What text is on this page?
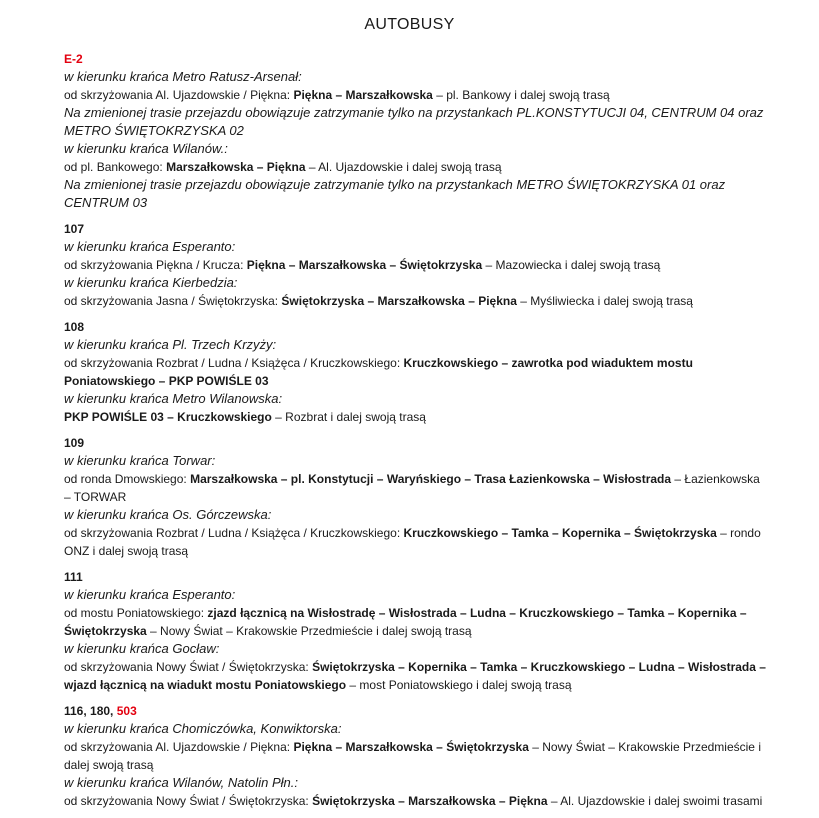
AUTOBUSY
E-2
w kierunku krańca Metro Ratusz-Arsenał:
od skrzyżowania Al. Ujazdowskie / Piękna: Piękna – Marszałkowska – pl. Bankowy i dalej swoją trasą
Na zmienionej trasie przejazdu obowiązuje zatrzymanie tylko na przystankach PL.KONSTYTUCJI 04, CENTRUM 04 oraz METRO ŚWIĘTOKRZYSKA 02
w kierunku krańca Wilanów.:
od pl. Bankowego: Marszałkowska – Piękna – Al. Ujazdowskie i dalej swoją trasą
Na zmienionej trasie przejazdu obowiązuje zatrzymanie tylko na przystankach METRO ŚWIĘTOKRZYSKA 01 oraz CENTRUM 03
107
w kierunku krańca Esperanto:
od skrzyżowania Piękna / Krucza: Piękna – Marszałkowska – Świętokrzyska – Mazowiecka i dalej swoją trasą
w kierunku krańca Kierbedzia:
od skrzyżowania Jasna / Świętokrzyska: Świętokrzyska – Marszałkowska – Piękna – Myśliwiecka i dalej swoją trasą
108
w kierunku krańca Pl. Trzech Krzyży:
od skrzyżowania Rozbrat / Ludna / Książęca / Kruczkowskiego: Kruczkowskiego – zawrotka pod wiaduktem mostu Poniatowskiego – PKP POWIŚLE 03
w kierunku krańca Metro Wilanowska:
PKP POWIŚLE 03 – Kruczkowskiego – Rozbrat i dalej swoją trasą
109
w kierunku krańca Torwar:
od ronda Dmowskiego: Marszałkowska – pl. Konstytucji – Waryńskiego – Trasa Łazienkowska – Wisłostrada – Łazienkowska – TORWAR
w kierunku krańca Os. Górczewska:
od skrzyżowania Rozbrat / Ludna / Książęca / Kruczkowskiego: Kruczkowskiego – Tamka – Kopernika – Świętokrzyska – rondo ONZ i dalej swoją trasą
111
w kierunku krańca Esperanto:
od mostu Poniatowskiego: zjazd łącznicą na Wisłostradę – Wisłostrada – Ludna – Kruczkowskiego – Tamka – Kopernika – Świętokrzyska – Nowy Świat – Krakowskie Przedmieście i dalej swoją trasą
w kierunku krańca Gocław:
od skrzyżowania Nowy Świat / Świętokrzyska: Świętokrzyska – Kopernika – Tamka – Kruczkowskiego – Ludna – Wisłostrada – wjazd łącznicą na wiadukt mostu Poniatowskiego – most Poniatowskiego i dalej swoją trasą
116, 180, 503
w kierunku krańca Chomiczówka, Konwiktorska:
od skrzyżowania Al. Ujazdowskie / Piękna: Piękna – Marszałkowska – Świętokrzyska – Nowy Świat – Krakowskie Przedmieście i dalej swoją trasą
w kierunku krańca Wilanów, Natolin Płn.:
od skrzyżowania Nowy Świat / Świętokrzyska: Świętokrzyska – Marszałkowska – Piękna – Al. Ujazdowskie i dalej swoimi trasami
